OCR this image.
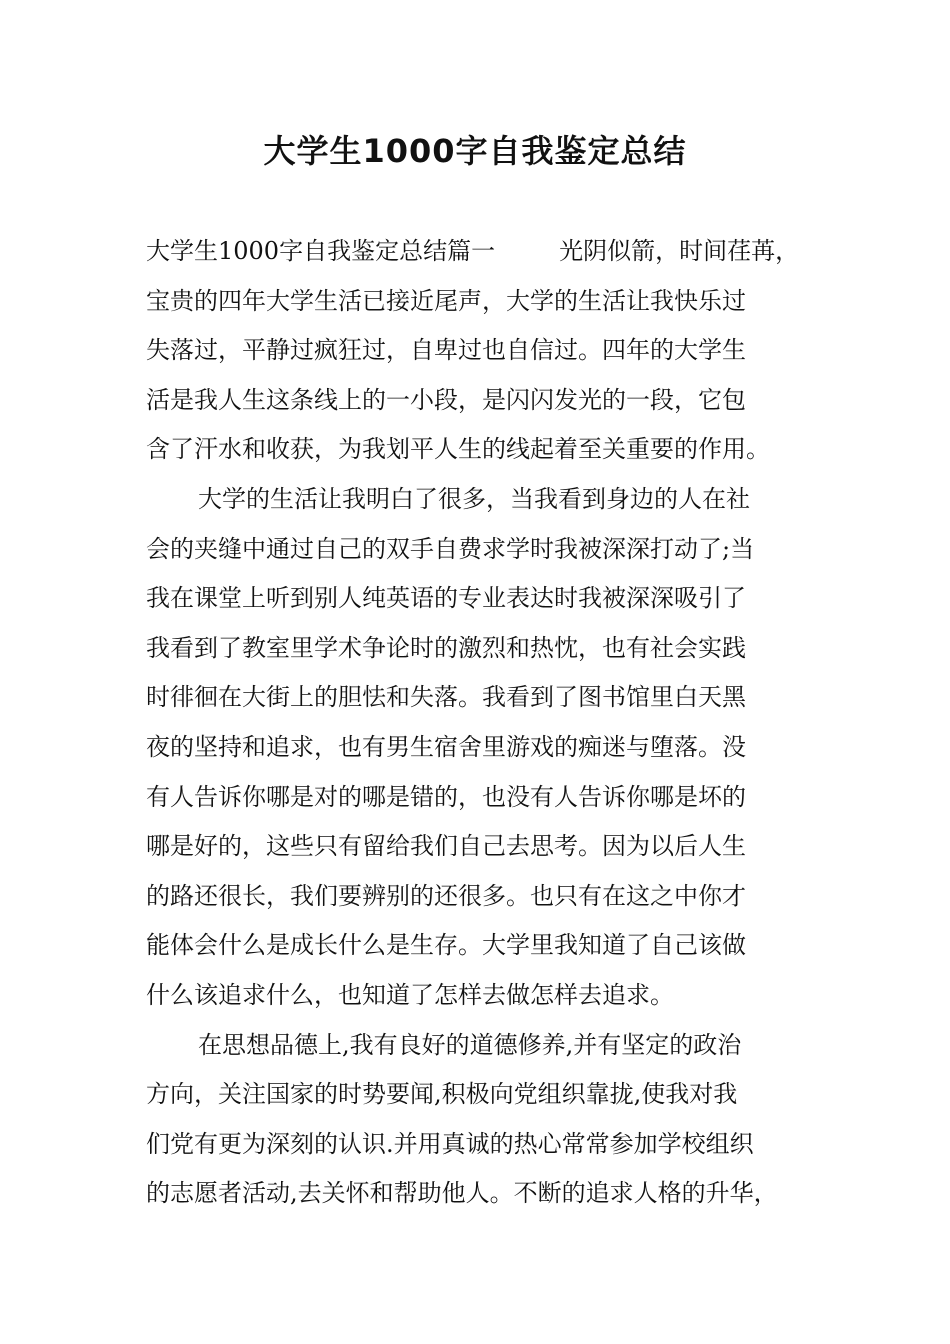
大学生1000字自我鉴定总结
大学生1000字自我鉴定总结篇一	光阴似箭，时间荏苒，
宝贵的四年大学生活已接近尾声，大学的生活让我快乐过
失落过，平静过疯狂过，自卑过也自信过。四年的大学生
活是我人生这条线上的一小段，是闪闪发光的一段，它包
含了汗水和收获，为我划平人生的线起着至关重要的作用。
大学的生活让我明白了很多，当我看到身边的人在社
会的夹缝中通过自己的双手自费求学时我被深深打动了;当
我在课堂上听到别人纯英语的专业表达时我被深深吸引了
我看到了教室里学术争论时的激烈和热忱，也有社会实践
时徘徊在大街上的胆怯和失落。我看到了图书馆里白天黑
夜的坚持和追求，也有男生宿舍里游戏的痴迷与堕落。没
有人告诉你哪是对的哪是错的，也没有人告诉你哪是坏的
哪是好的，这些只有留给我们自己去思考。因为以后人生
的路还很长，我们要辨别的还很多。也只有在这之中你才
能体会什么是成长什么是生存。大学里我知道了自己该做
什么该追求什么，也知道了怎样去做怎样去追求。
在思想品德上,我有良好的道德修养,并有坚定的政治
方向，关注国家的时势要闻,积极向党组织靠拢,使我对我
们党有更为深刻的认识.并用真诚的热心常常参加学校组织
的志愿者活动,去关怀和帮助他人。不断的追求人格的升华，
